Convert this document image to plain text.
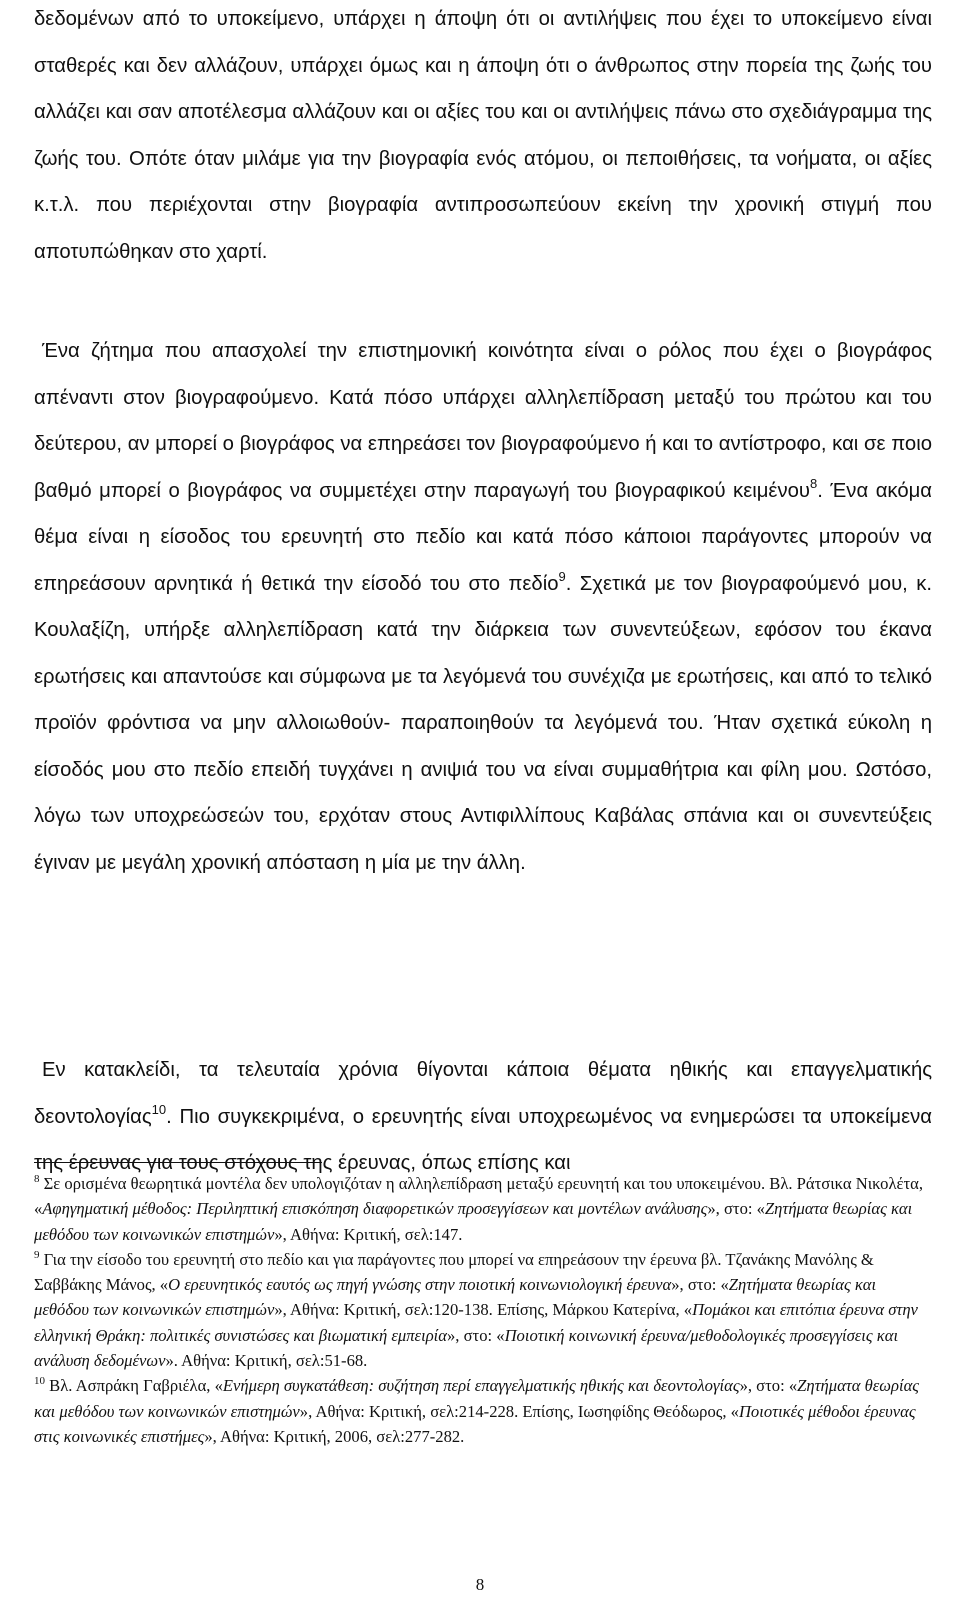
δεδομένων από το υποκείμενο, υπάρχει η άποψη ότι οι αντιλήψεις που έχει το υποκείμενο είναι σταθερές και δεν αλλάζουν, υπάρχει όμως και η άποψη ότι ο άνθρωπος στην πορεία της ζωής του αλλάζει και σαν αποτέλεσμα αλλάζουν και οι αξίες του και οι αντιλήψεις πάνω στο σχεδιάγραμμα της ζωής του. Οπότε όταν μιλάμε για την βιογραφία ενός ατόμου, οι πεποιθήσεις, τα νοήματα, οι αξίες κ.τ.λ. που περιέχονται στην βιογραφία αντιπροσωπεύουν εκείνη την χρονική στιγμή που αποτυπώθηκαν στο χαρτί.

Ένα ζήτημα που απασχολεί την επιστημονική κοινότητα είναι ο ρόλος που έχει ο βιογράφος απέναντι στον βιογραφούμενο. Κατά πόσο υπάρχει αλληλεπίδραση μεταξύ του πρώτου και του δεύτερου, αν μπορεί ο βιογράφος να επηρεάσει τον βιογραφούμενο ή και το αντίστροφο, και σε ποιο βαθμό μπορεί ο βιογράφος να συμμετέχει στην παραγωγή του βιογραφικού κειμένου$^8$. Ένα ακόμα θέμα είναι η είσοδος του ερευνητή στο πεδίο και κατά πόσο κάποιοι παράγοντες μπορούν να επηρεάσουν αρνητικά ή θετικά την είσοδό του στο πεδίο$^9$. Σχετικά με τον βιογραφούμενό μου, κ. Κουλαξίζη, υπήρξε αλληλεπίδραση κατά την διάρκεια των συνεντεύξεων, εφόσον του έκανα ερωτήσεις και απαντούσε και σύμφωνα με τα λεγόμενά του συνέχιζα με ερωτήσεις, και από το τελικό προϊόν φρόντισα να μην αλλοιωθούν- παραποιηθούν τα λεγόμενά του. Ήταν σχετικά εύκολη η είσοδός μου στο πεδίο επειδή τυγχάνει η ανιψιά του να είναι συμμαθήτρια και φίλη μου. Ωστόσο, λόγω των υποχρεώσεών του, ερχόταν στους Αντιφιλλίπους Καβάλας σπάνια και οι συνεντεύξεις έγιναν με μεγάλη χρονική απόσταση η μία με την άλλη.

Εν κατακλείδι, τα τελευταία χρόνια θίγονται κάποια θέματα ηθικής και επαγγελματικής δεοντολογίας$^{10}$. Πιο συγκεκριμένα, ο ερευνητής είναι υποχρεωμένος να ενημερώσει τα υποκείμενα της έρευνας για τους στόχους της έρευνας, όπως επίσης και

$^8$ Σε ορισμένα θεωρητικά μοντέλα δεν υπολογιζόταν η αλληλεπίδραση μεταξύ ερευνητή και του υποκειμένου. Βλ. Ράτσικα Νικολέτα, «Αφηγηματική μέθοδος: Περιληπτική επισκόπηση διαφορετικών προσεγγίσεων και μοντέλων ανάλυσης», στο: «Ζητήματα θεωρίας και μεθόδου των κοινωνικών επιστημών», Αθήνα: Κριτική, σελ:147.

$^9$ Για την είσοδο του ερευνητή στο πεδίο και για παράγοντες που μπορεί να επηρεάσουν την έρευνα βλ. Τζανάκης Μανόλης & Σαββάκης Μάνος, «Ο ερευνητικός εαυτός ως πηγή γνώσης στην ποιοτική κοινωνιολογική έρευνα», στο: «Ζητήματα θεωρίας και μεθόδου των κοινωνικών επιστημών», Αθήνα: Κριτική, σελ:120-138. Επίσης, Μάρκου Κατερίνα, «Πομάκοι και επιτόπια έρευνα στην ελληνική Θράκη: πολιτικές συνιστώσες και βιωματική εμπειρία», στο: «Ποιοτική κοινωνική έρευνα/μεθοδολογικές προσεγγίσεις και ανάλυση δεδομένων». Αθήνα: Κριτική, σελ:51-68.

$^{10}$ Βλ. Ασπράκη Γαβριέλα, «Ενήμερη συγκατάθεση: συζήτηση περί επαγγελματικής ηθικής και δεοντολογίας», στο: «Ζητήματα θεωρίας και μεθόδου των κοινωνικών επιστημών», Αθήνα: Κριτική, σελ:214-228. Επίσης, Ιωσηφίδης Θεόδωρος, «Ποιοτικές μέθοδοι έρευνας στις κοινωνικές επιστήμες», Αθήνα: Κριτική, 2006, σελ:277-282.

8
